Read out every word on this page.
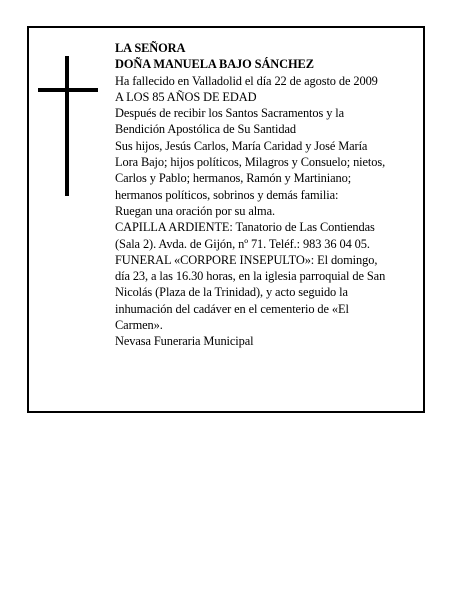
LA SEÑORA
DOÑA MANUELA BAJO SÁNCHEZ
Ha fallecido en Valladolid el día 22 de agosto de 2009
A LOS 85 AÑOS DE EDAD
Después de recibir los Santos Sacramentos y la
Bendición Apostólica de Su Santidad
Sus hijos, Jesús Carlos, María Caridad y José María
Lora Bajo; hijos políticos, Milagros y Consuelo; nietos,
Carlos y Pablo; hermanos, Ramón y Martiniano;
hermanos políticos, sobrinos y demás familia:
Ruegan una oración por su alma.
CAPILLA ARDIENTE: Tanatorio de Las Contiendas
(Sala 2). Avda. de Gijón, nº 71. Teléf.: 983 36 04 05.
FUNERAL «CORPORE INSEPULTO»: El domingo,
día 23, a las 16.30 horas, en la iglesia parroquial de San
Nicolás (Plaza de la Trinidad), y acto seguido la
inhumación del cadáver en el cementerio de «El
Carmen».
Nevasa Funeraria Municipal
